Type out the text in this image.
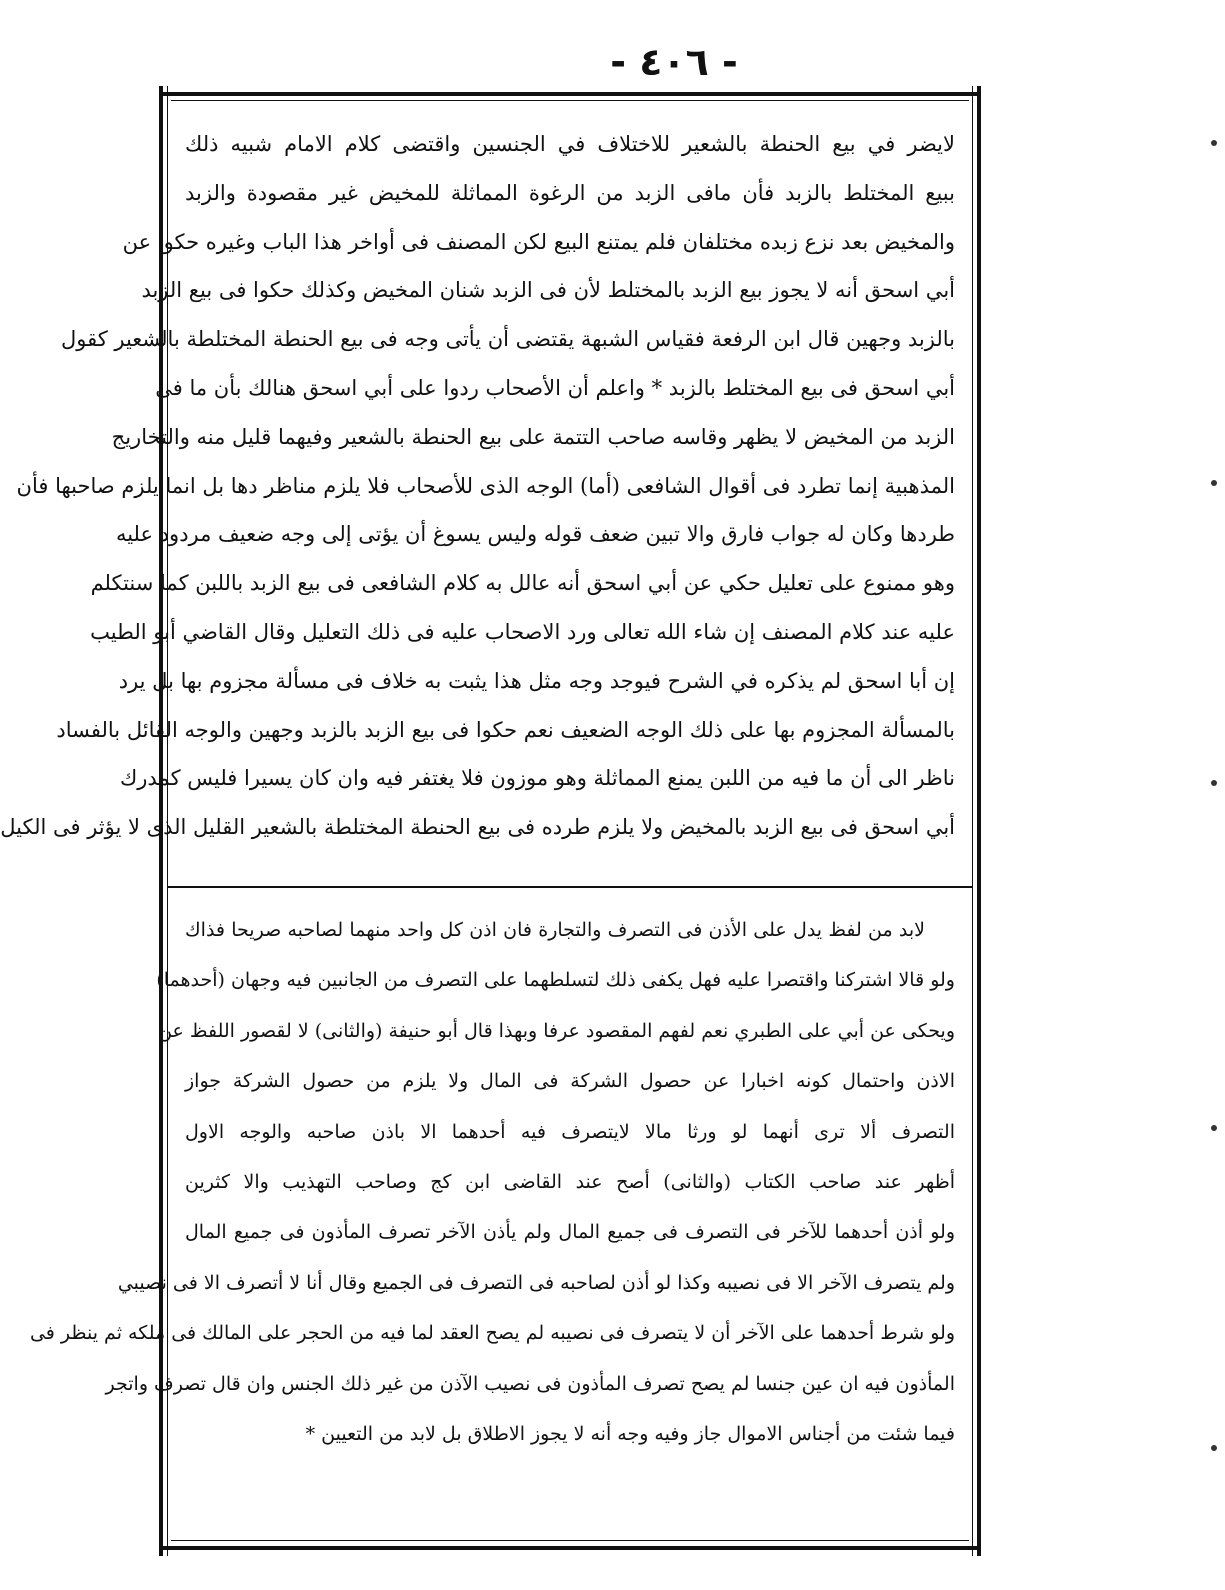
- ٤٠٦ -
لايضر في بيع الحنطة بالشعير للاختلاف في الجنسين واقتضى كلام الامام شبيه ذلك
ببيع المختلط بالزبد فأن مافى الزبد من الرغوة المماثلة للمخيض غير مقصودة والزبد
والمخيض بعد نزع زبده مختلفان فلم يمتنع البيع لكن المصنف فى أواخر هذا الباب وغيره حكوا عن
أبي اسحق أنه لا يجوز بيع الزبد بالمختلط لأن فى الزبد شنان المخيض وكذلك حكوا فى بيع الزبد
بالزبد وجهين قال ابن الرفعة فقياس الشبهة يقتضى أن يأتى وجه فى بيع الحنطة المختلطة بالشعير كقول
أبي اسحق فى بيع المختلط بالزبد * واعلم أن الأصحاب ردوا على أبي اسحق هنالك بأن ما فى
الزبد من المخيض لا يظهر وقاسه صاحب التتمة على بيع الحنطة بالشعير وفيهما قليل منه والتخاريج
المذهبية إنما تطرد فى أقوال الشافعى (أما) الوجه الذى للأصحاب فلا يلزم مناظر دها بل انما يلزم صاحبها فأن
طردها وكان له جواب فارق والا تبين ضعف قوله وليس يسوغ أن يؤتى إلى وجه ضعيف مردود عليه
وهو ممنوع على تعليل حكي عن أبي اسحق أنه عالل به كلام الشافعى فى بيع الزبد باللبن كما سنتكلم
عليه عند كلام المصنف إن شاء الله تعالى ورد الاصحاب عليه فى ذلك التعليل وقال القاضي أبو الطيب
إن أبا اسحق لم يذكره في الشرح فيوجد وجه مثل هذا يثبت به خلاف فى مسألة مجزوم بها بل يرد
بالمسألة المجزوم بها على ذلك الوجه الضعيف نعم حكوا فى بيع الزبد بالزبد وجهين والوجه القائل بالفساد
ناظر الى أن ما فيه من اللبن يمنع المماثلة وهو موزون فلا يغتفر فيه وان كان يسيرا فليس كمدرك
أبي اسحق فى بيع الزبد بالمخيض ولا يلزم طرده فى بيع الحنطة المختلطة بالشعير القليل الذى لا يؤثر فى الكيل
لابد من لفظ يدل على الأذن فى التصرف والتجارة فان اذن كل واحد منهما لصاحبه صريحا فذاك
ولو قالا اشتركنا واقتصرا عليه فهل يكفى ذلك لتسلطهما على التصرف من الجانبين فيه وجهان (أحدهما)
ويحكى عن أبي على الطبري نعم لفهم المقصود عرفا وبهذا قال أبو حنيفة (والثانى) لا لقصور اللفظ عن
الاذن واحتمال كونه اخبارا عن حصول الشركة فى المال ولا يلزم من حصول الشركة جواز
التصرف ألا ترى أنهما لو ورثا مالا لايتصرف فيه أحدهما الا باذن صاحبه والوجه الاول
أظهر عند صاحب الكتاب (والثانى) أصح عند القاضى ابن كج وصاحب التهذيب والا كثرين
ولو أذن أحدهما للآخر فى التصرف فى جميع المال ولم يأذن الآخر تصرف المأذون فى جميع المال
ولم يتصرف الآخر الا فى نصيبه وكذا لو أذن لصاحبه فى التصرف فى الجميع وقال أنا لا أتصرف الا فى نصيبي
ولو شرط أحدهما على الآخر أن لا يتصرف فى نصيبه لم يصح العقد لما فيه من الحجر على المالك فى ملكه ثم ينظر فى
المأذون فيه ان عين جنسا لم يصح تصرف المأذون فى نصيب الآذن من غير ذلك الجنس وان قال تصرف واتجر
فيما شئت من أجناس الاموال جاز وفيه وجه أنه لا يجوز الاطلاق بل لابد من التعيين *
